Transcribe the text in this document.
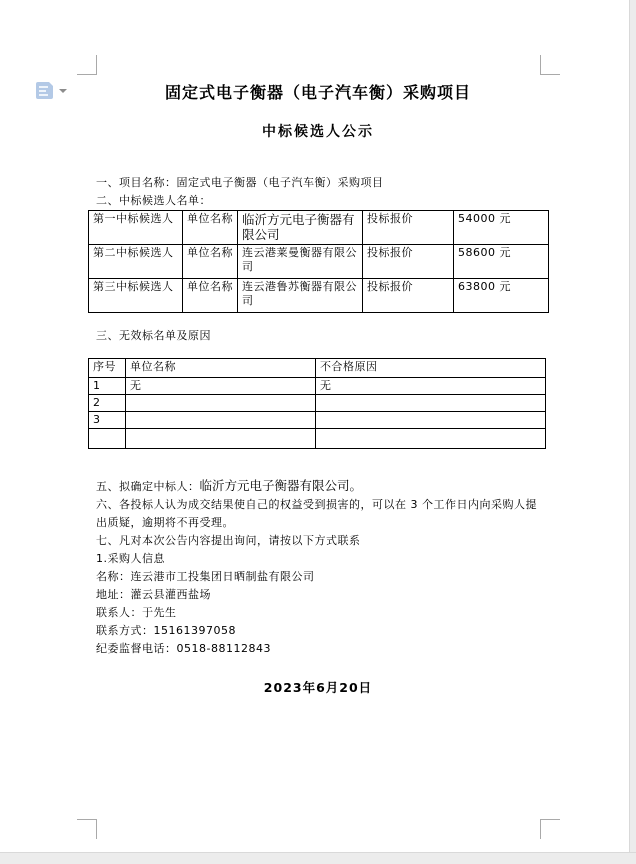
固定式电子衡器（电子汽车衡）采购项目
中标候选人公示

一、项目名称：固定式电子衡器（电子汽车衡）采购项目

二、中标候选人名单：

第一中标候选人	单位名称	临沂方元电子衡器有限公司	投标报价	54000 元
第二中标候选人	单位名称	连云港莱曼衡器有限公司	投标报价	58600 元
第三中标候选人	单位名称	连云港鲁苏衡器有限公司	投标报价	63800 元
三、无效标名单及原因
序号	单位名称	不合格原因
1	无	无
2		
3		

五、拟确定中标人：临沂方元电子衡器有限公司。

六、各投标人认为成交结果使自己的权益受到损害的，可以在 3 个工作日内向采购人提出质疑，逾期将不再受理。

七、凡对本次公告内容提出询问，请按以下方式联系

1.采购人信息

名称：连云港市工投集团日晒制盐有限公司

地址：灌云县灌西盐场

联系人：于先生

联系方式：15161397058

纪委监督电话：0518-88112843

2023年6月20日
